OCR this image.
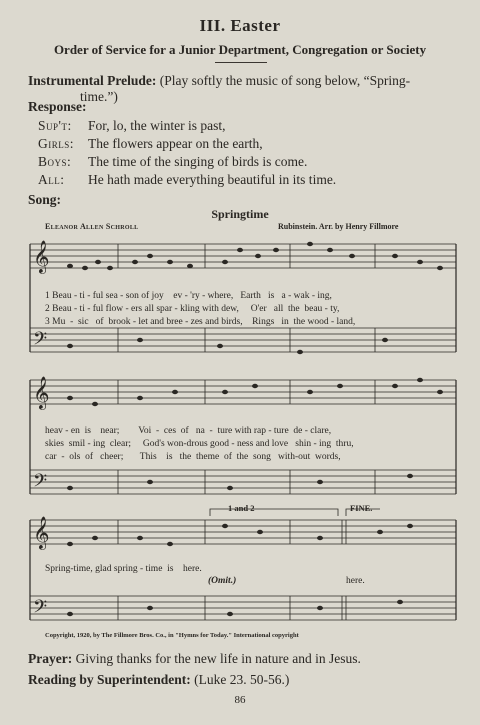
III. Easter
Order of Service for a Junior Department, Congregation or Society
Instrumental Prelude: (Play softly the music of song below, “Spring-
time.”)
Response:
Sup't: For, lo, the winter is past,
Girls: The flowers appear on the earth,
Boys: The time of the singing of birds is come.
All: He hath made everything beautiful in its time.
Song:
Springtime
Eleanor Allen Schroll	Rubinstein. Arr. by Henry Fillmore
𝄞
𝄢
𝄞
𝄢
𝄞
𝄢
1 Beau - ti - ful sea - son of joy    ev - 'ry - where,   Earth   is   a - wak - ing,
2 Beau - ti - ful flow - ers all spar - kling with dew,     O'er   all  the  beau - ty,
3 Mu  -  sic   of  brook - let and bree - zes and birds,    Rings   in  the wood - land,
heav - en  is    near;        Voi  -  ces  of   na  -  ture with rap - ture  de - clare,
skies  smil - ing  clear;     God's won-drous good - ness and love   shin - ing  thru,
car  -  ols  of   cheer;       This    is   the  theme  of  the  song   with-out  words,
1 and 2	FINE.
Spring-time, glad spring - time  is    here.
(Omit.)	here.
Copyright, 1920, by The Fillmore Bros. Co., in "Hymns for Today." International copyright
Prayer: Giving thanks for the new life in nature and in Jesus.
Reading by Superintendent: (Luke 23. 50-56.)
86
